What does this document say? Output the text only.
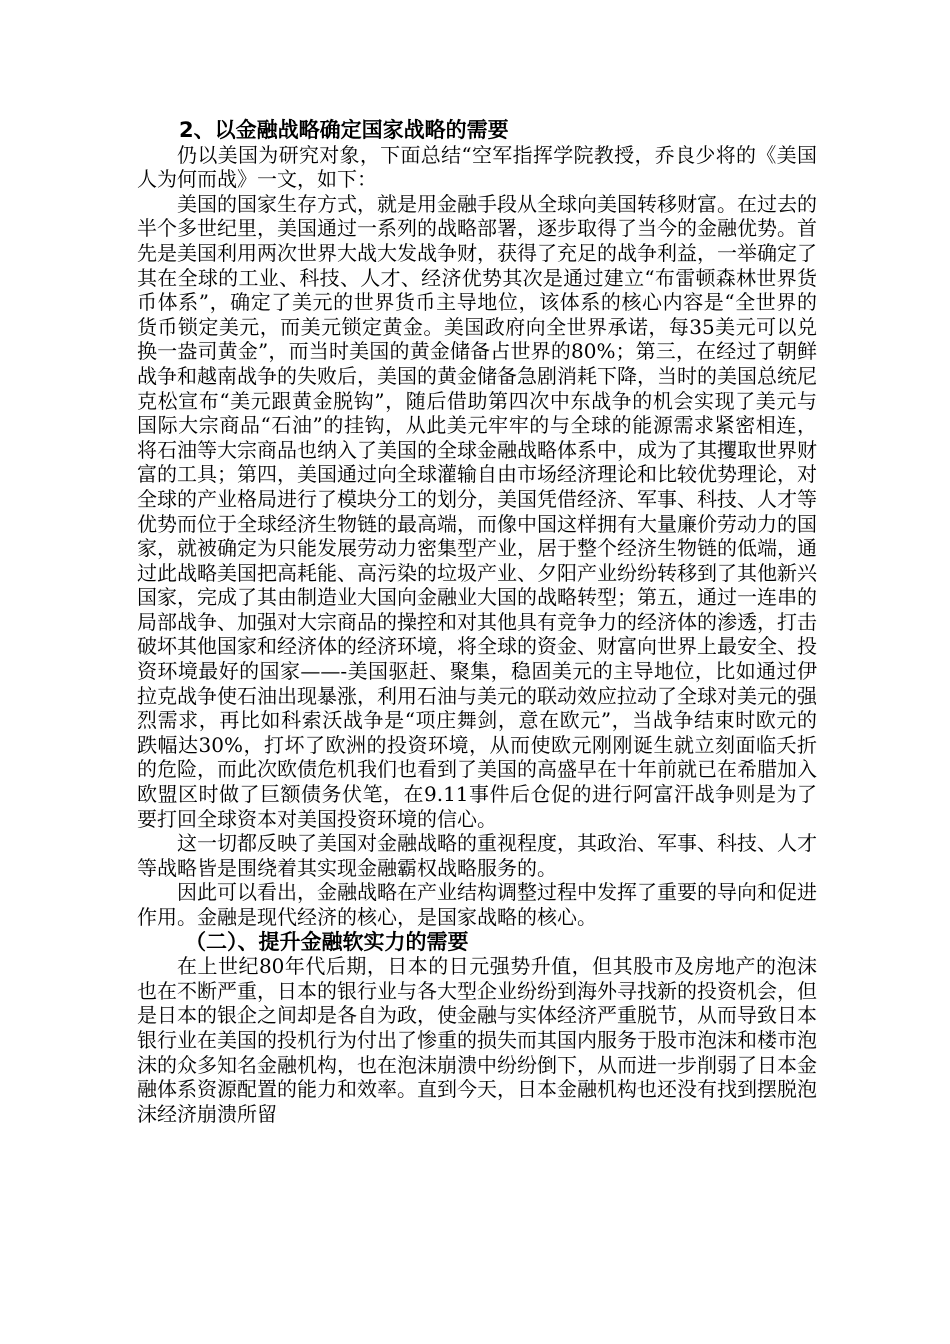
2、以金融战略确定国家战略的需要

仍以美国为研究对象，下面总结“空军指挥学院教授，乔良少将的《美国人为何而战》一文，如下：

美国的国家生存方式，就是用金融手段从全球向美国转移财富。在过去的半个多世纪里，美国通过一系列的战略部署，逐步取得了当今的金融优势。首先是美国利用两次世界大战大发战争财，获得了充足的战争利益，一举确定了其在全球的工业、科技、人才、经济优势其次是通过建立“布雷顿森林世界货币体系”，确定了美元的世界货币主导地位，该体系的核心内容是“全世界的货币锁定美元，而美元锁定黄金。美国政府向全世界承诺，每35美元可以兑换一盎司黄金”，而当时美国的黄金储备占世界的80%；第三，在经过了朝鲜战争和越南战争的失败后，美国的黄金储备急剧消耗下降，当时的美国总统尼克松宣布“美元跟黄金脱钩”，随后借助第四次中东战争的机会实现了美元与国际大宗商品“石油”的挂钩，从此美元牢牢的与全球的能源需求紧密相连，将石油等大宗商品也纳入了美国的全球金融战略体系中，成为了其攫取世界财富的工具；第四，美国通过向全球灌输自由市场经济理论和比较优势理论，对全球的产业格局进行了模块分工的划分，美国凭借经济、军事、科技、人才等优势而位于全球经济生物链的最高端，而像中国这样拥有大量廉价劳动力的国家，就被确定为只能发展劳动力密集型产业，居于整个经济生物链的低端，通过此战略美国把高耗能、高污染的垃圾产业、夕阳产业纷纷转移到了其他新兴国家，完成了其由制造业大国向金融业大国的战略转型；第五，通过一连串的局部战争、加强对大宗商品的操控和对其他具有竞争力的经济体的渗透，打击破坏其他国家和经济体的经济环境，将全球的资金、财富向世界上最安全、投资环境最好的国家——-美国驱赶、聚集，稳固美元的主导地位，比如通过伊拉克战争使石油出现暴涨，利用石油与美元的联动效应拉动了全球对美元的强烈需求，再比如科索沃战争是“项庄舞剑，意在欧元”，当战争结束时欧元的跌幅达30%，打坏了欧洲的投资环境，从而使欧元刚刚诞生就立刻面临夭折的危险，而此次欧债危机我们也看到了美国的高盛早在十年前就已在希腊加入欧盟区时做了巨额债务伏笔，在9.11事件后仓促的进行阿富汗战争则是为了要打回全球资本对美国投资环境的信心。

这一切都反映了美国对金融战略的重视程度，其政治、军事、科技、人才等战略皆是围绕着其实现金融霸权战略服务的。

因此可以看出，金融战略在产业结构调整过程中发挥了重要的导向和促进作用。金融是现代经济的核心，是国家战略的核心。

（二）、提升金融软实力的需要

在上世纪80年代后期，日本的日元强势升值，但其股市及房地产的泡沫也在不断严重，日本的银行业与各大型企业纷纷到海外寻找新的投资机会，但是日本的银企之间却是各自为政，使金融与实体经济严重脱节，从而导致日本银行业在美国的投机行为付出了惨重的损失而其国内服务于股市泡沫和楼市泡沫的众多知名金融机构，也在泡沫崩溃中纷纷倒下，从而进一步削弱了日本金融体系资源配置的能力和效率。直到今天，日本金融机构也还没有找到摆脱泡沫经济崩溃所留
